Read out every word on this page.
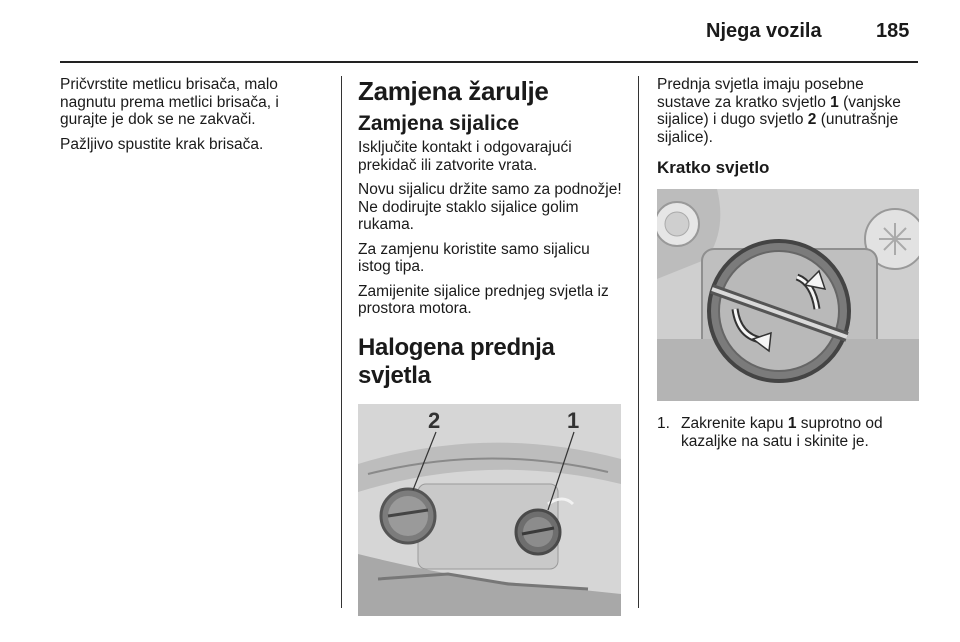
Njega vozila	185

Pričvrstite metlicu brisača, malo nagnutu prema metlici brisača, i gurajte je dok se ne zakvači.

Pažljivo spustite krak brisača.

Zamjena žarulje
Zamjena sijalice

Isključite kontakt i odgovarajući prekidač ili zatvorite vrata.

Novu sijalicu držite samo za podnožje! Ne dodirujte staklo sijalice golim rukama.

Za zamjenu koristite samo sijalicu istog tipa.

Zamijenite sijalice prednjeg svjetla iz prostora motora.

Halogena prednja svjetla
2	1

Prednja svjetla imaju posebne sustave za kratko svjetlo 1 (vanjske sijalice) i dugo svjetlo 2 (unutrašnje sijalice).

Kratko svjetlo
1. Zakrenite kapu 1 suprotno od kazaljke na satu i skinite je.
